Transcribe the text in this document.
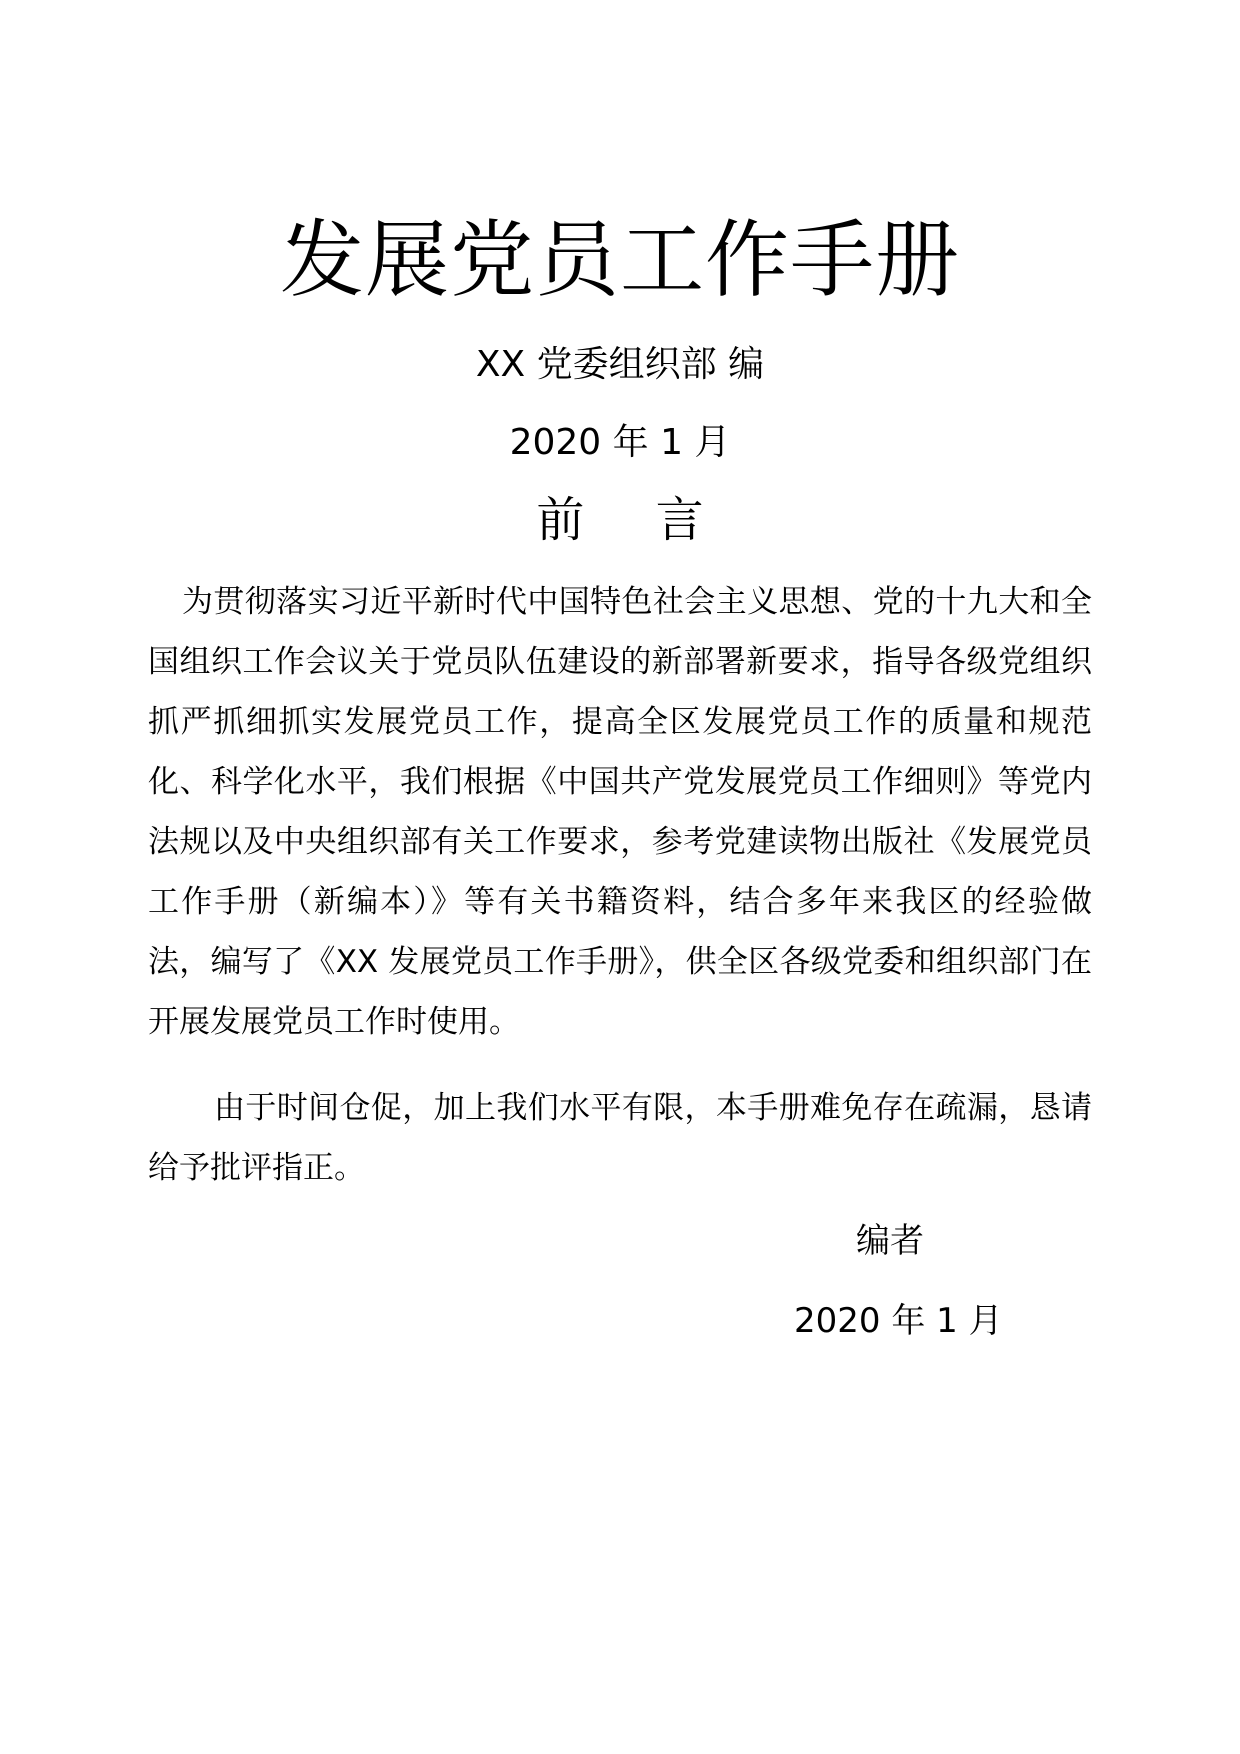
发展党员工作手册
XX 党委组织部 编
2020 年 1 月
前 言

为贯彻落实习近平新时代中国特色社会主义思想、党的十九大和全国组织工作会议关于党员队伍建设的新部署新要求，指导各级党组织抓严抓细抓实发展党员工作，提高全区发展党员工作的质量和规范化、科学化水平，我们根据《中国共产党发展党员工作细则》等党内法规以及中央组织部有关工作要求，参考党建读物出版社《发展党员工作手册（新编本）》等有关书籍资料，结合多年来我区的经验做法，编写了《XX 发展党员工作手册》，供全区各级党委和组织部门在开展发展党员工作时使用。

由于时间仓促，加上我们水平有限，本手册难免存在疏漏，恳请给予批评指正。

编者
2020 年 1 月
